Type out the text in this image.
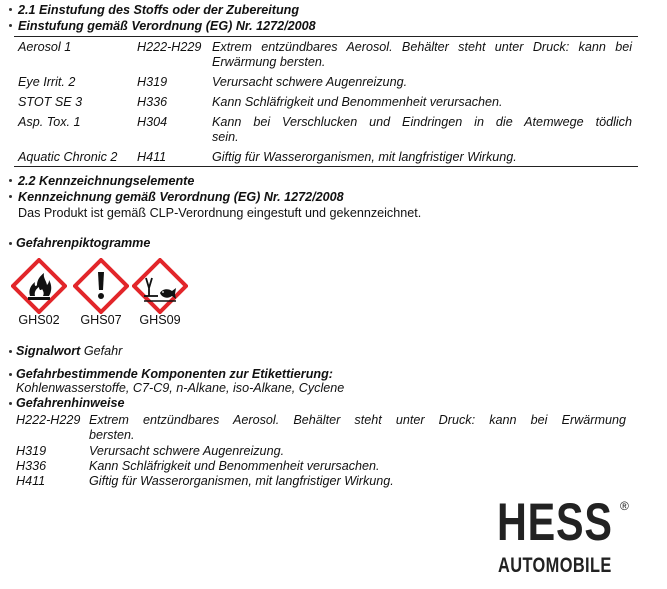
2.1 Einstufung des Stoffs oder der Zubereitung
Einstufung gemäß Verordnung (EG) Nr. 1272/2008
Aerosol 1	H222-H229 Extrem entzündbares Aerosol. Behälter steht unter Druck: kann bei
Erwärmung bersten.
Eye Irrit. 2	H319	Verursacht schwere Augenreizung.
STOT SE 3	H336	Kann Schläfrigkeit und Benommenheit verursachen.
Asp. Tox. 1	H304	Kann bei Verschlucken und Eindringen in die Atemwege tödlich
sein.
Aquatic Chronic 2 H411	Giftig für Wasserorganismen, mit langfristiger Wirkung.
2.2 Kennzeichnungselemente
Kennzeichnung gemäß Verordnung (EG) Nr. 1272/2008
Das Produkt ist gemäß CLP-Verordnung eingestuft und gekennzeichnet.
Gefahrenpiktogramme
GHS02	GHS07	GHS09
Signalwort Gefahr
Gefahrbestimmende Komponenten zur Etikettierung:
Kohlenwasserstoffe, C7-C9, n-Alkane, iso-Alkane, Cyclene
Gefahrenhinweise
H222-H229 Extrem entzündbares Aerosol. Behälter steht unter Druck: kann bei Erwärmung
bersten.
H319	Verursacht schwere Augenreizung.
H336	Kann Schläfrigkeit und Benommenheit verursachen.
H411	Giftig für Wasserorganismen, mit langfristiger Wirkung.
HESS ®
AUTOMOBILE
